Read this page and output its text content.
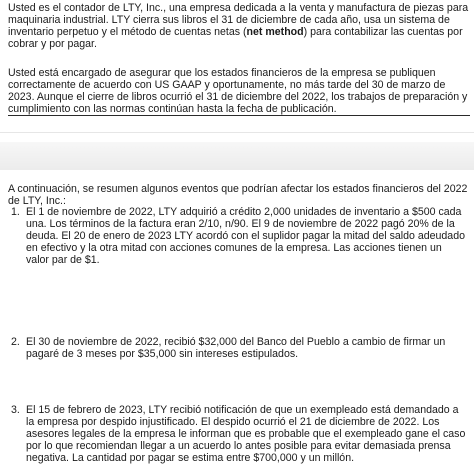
Usted es el contador de LTY, Inc., una empresa dedicada a la venta y manufactura de piezas para maquinaria industrial. LTY cierra sus libros el 31 de diciembre de cada año, usa un sistema de inventario perpetuo y el método de cuentas netas (net method) para contabilizar las cuentas por cobrar y por pagar.

Usted está encargado de asegurar que los estados financieros de la empresa se publiquen correctamente de acuerdo con US GAAP y oportunamente, no más tarde del 30 de marzo de 2023. Aunque el cierre de libros ocurrió el 31 de diciembre del 2022, los trabajos de preparación y cumplimiento con las normas continúan hasta la fecha de publicación.

A continuación, se resumen algunos eventos que podrían afectar los estados financieros del 2022 de LTY, Inc.:

1. El 1 de noviembre de 2022, LTY adquirió a crédito 2,000 unidades de inventario a $500 cada una. Los términos de la factura eran 2/10, n/90. El 9 de noviembre de 2022 pagó 20% de la deuda. El 20 de enero de 2023 LTY acordó con el suplidor pagar la mitad del saldo adeudado en efectivo y la otra mitad con acciones comunes de la empresa. Las acciones tienen un valor par de $1.

2. El 30 de noviembre de 2022, recibió $32,000 del Banco del Pueblo a cambio de firmar un pagaré de 3 meses por $35,000 sin intereses estipulados.

3. El 15 de febrero de 2023, LTY recibió notificación de que un exempleado está demandado a la empresa por despido injustificado. El despido ocurrió el 21 de diciembre de 2022. Los asesores legales de la empresa le informan que es probable que el exempleado gane el caso por lo que recomiendan llegar a un acuerdo lo antes posible para evitar demasiada prensa negativa. La cantidad por pagar se estima entre $700,000 y un millón.
